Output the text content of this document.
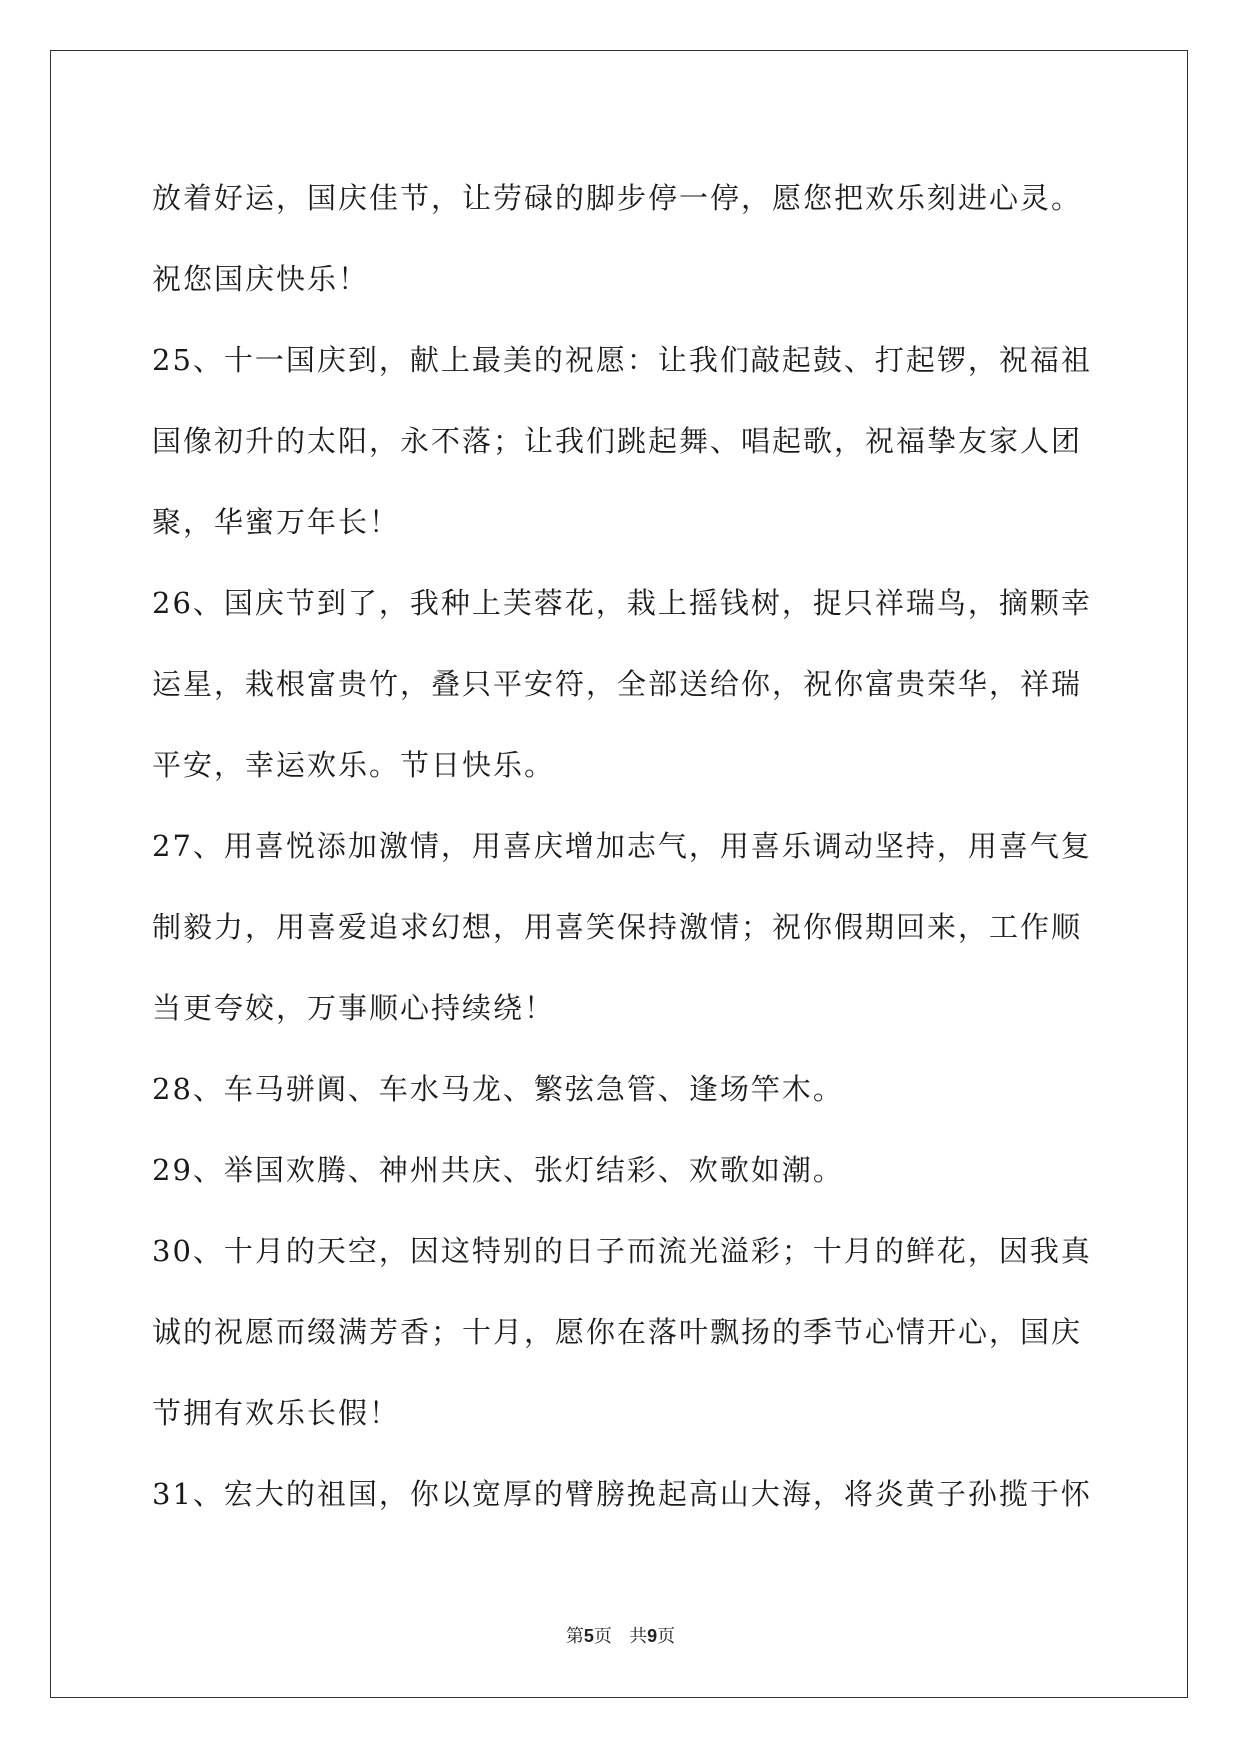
放着好运，国庆佳节，让劳碌的脚步停一停，愿您把欢乐刻进心灵。
祝您国庆快乐！
25、十一国庆到，献上最美的祝愿：让我们敲起鼓、打起锣，祝福祖
国像初升的太阳，永不落；让我们跳起舞、唱起歌，祝福挚友家人团
聚，华蜜万年长！
26、国庆节到了，我种上芙蓉花，栽上摇钱树，捉只祥瑞鸟，摘颗幸
运星，栽根富贵竹，叠只平安符，全部送给你，祝你富贵荣华，祥瑞
平安，幸运欢乐。节日快乐。
27、用喜悦添加激情，用喜庆增加志气，用喜乐调动坚持，用喜气复
制毅力，用喜爱追求幻想，用喜笑保持激情；祝你假期回来，工作顺
当更夸姣，万事顺心持续绕！
28、车马骈阗、车水马龙、繁弦急管、逢场竿木。
29、举国欢腾、神州共庆、张灯结彩、欢歌如潮。
30、十月的天空，因这特别的日子而流光溢彩；十月的鲜花，因我真
诚的祝愿而缀满芳香；十月，愿你在落叶飘扬的季节心情开心，国庆
节拥有欢乐长假！
31、宏大的祖国，你以宽厚的臂膀挽起高山大海，将炎黄子孙揽于怀
第5页 共9页
